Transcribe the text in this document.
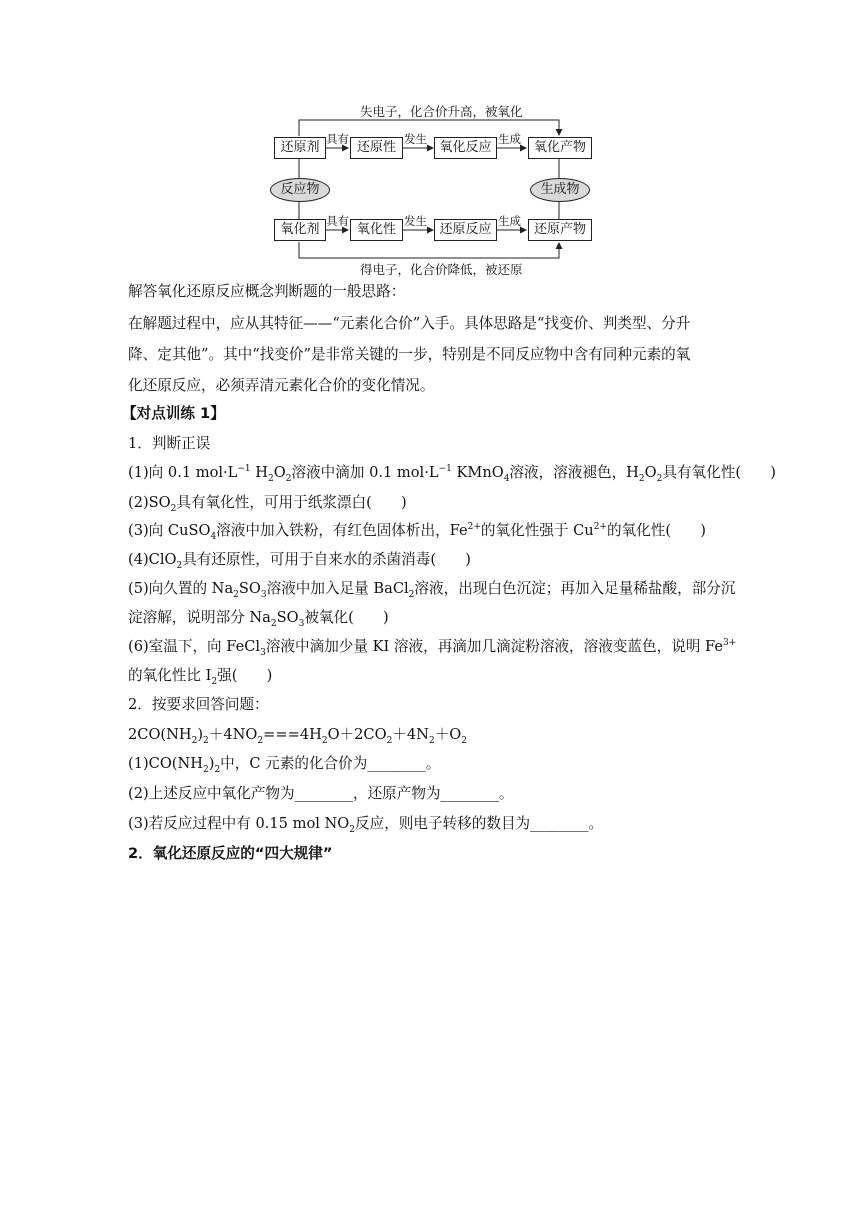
失电子，化合价升高，被氧化
得电子，化合价降低，被还原
还原剂	还原性	氧化反应	氧化产物
氧化剂	氧化性	还原反应	还原产物
具有	发生	生成
具有	发生	生成
反应物	生成物
解答氧化还原反应概念判断题的一般思路：
在解题过程中，应从其特征——“元素化合价”入手。具体思路是“找变价、判类型、分升
降、定其他”。其中“找变价”是非常关键的一步，特别是不同反应物中含有同种元素的氧
化还原反应，必须弄清元素化合价的变化情况。
【对点训练 1】
1．判断正误
(1)向 0.1 $mol\cdot L^{-1}$ $H_2O_2$溶液中滴加 0.1 $mol\cdot L^{-1}$ KMnO$_4$溶液，溶液褪色，$H_2O_2$具有氧化性(　　)
$(2)SO_2$具有氧化性，可用于纸浆漂白(　　)
(3)向 CuSO$_4$溶液中加入铁粉，有红色固体析出，$Fe^{2+}$的氧化性强于 $Cu^{2+}$的氧化性(　　)
(4)ClO$_2$具有还原性，可用于自来水的杀菌消毒(　　)
(5)向久置的 $Na_2SO_3$溶液中加入足量 BaCl$_2$溶液，出现白色沉淀；再加入足量稀盐酸，部分沉
淀溶解，说明部分 $Na_2SO_3$被氧化(　　)
(6)室温下，向 FeCl$_3$溶液中滴加少量 KI 溶液，再滴加几滴淀粉溶液，溶液变蓝色，说明 $Fe^{3+}$
的氧化性比 $I_2$强(　　)
2．按要求回答问题：
$2CO(NH_2)_2+4NO_2===4H_2O+2CO_2+4N_2+O_2$
$(1)CO(NH_2)_2$中，C 元素的化合价为________。
(2)上述反应中氧化产物为________，还原产物为________。
(3)若反应过程中有 0.15 mol $NO_2$反应，则电子转移的数目为________。
2．氧化还原反应的“四大规律”
